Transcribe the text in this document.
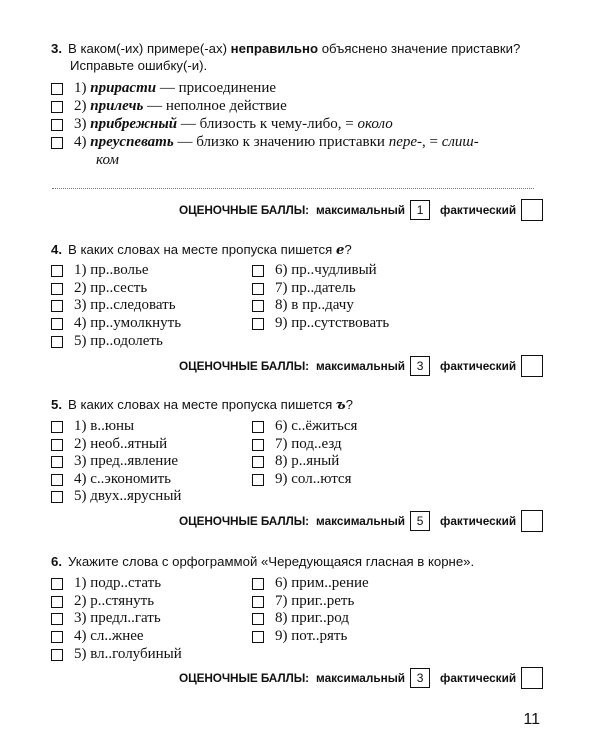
3. В каком(-их) примере(-ах) неправильно объяснено значение приставки?
Исправьте ошибку(-и).
1) прирасти — присоединение
2) прилечь — неполное действие
3) прибрежный — близость к чему-либо, = около
4) преуспевать — близко к значению приставки пере-, = слиш-
ком
ОЦЕНОЧНЫЕ БАЛЛЫ: максимальный 1	фактический
4. В каких словах на месте пропуска пишется е?
1) пр..волье
2) пр..сесть
3) пр..следовать
4) пр..умолкнуть
5) пр..одолеть
6) пр..чудливый
7) пр..датель
8) в пр..дачу
9) пр..сутствовать
ОЦЕНОЧНЫЕ БАЛЛЫ: максимальный 3	фактический
5. В каких словах на месте пропуска пишется ъ?
1) в..юны
2) необ..ятный
3) пред..явление
4) с..экономить
5) двух..ярусный
6) с..ёжиться
7) под..езд
8) р..яный
9) сол..ются
ОЦЕНОЧНЫЕ БАЛЛЫ: максимальный 5	фактический
6. Укажите слова с орфограммой «Чередующаяся гласная в корне».
1) подр..стать
2) р..стянуть
3) предл..гать
4) сл..жнее
5) вл..голубиный
6) прим..рение
7) приг..реть
8) приг..род
9) пот..рять
ОЦЕНОЧНЫЕ БАЛЛЫ: максимальный 3	фактический
11
